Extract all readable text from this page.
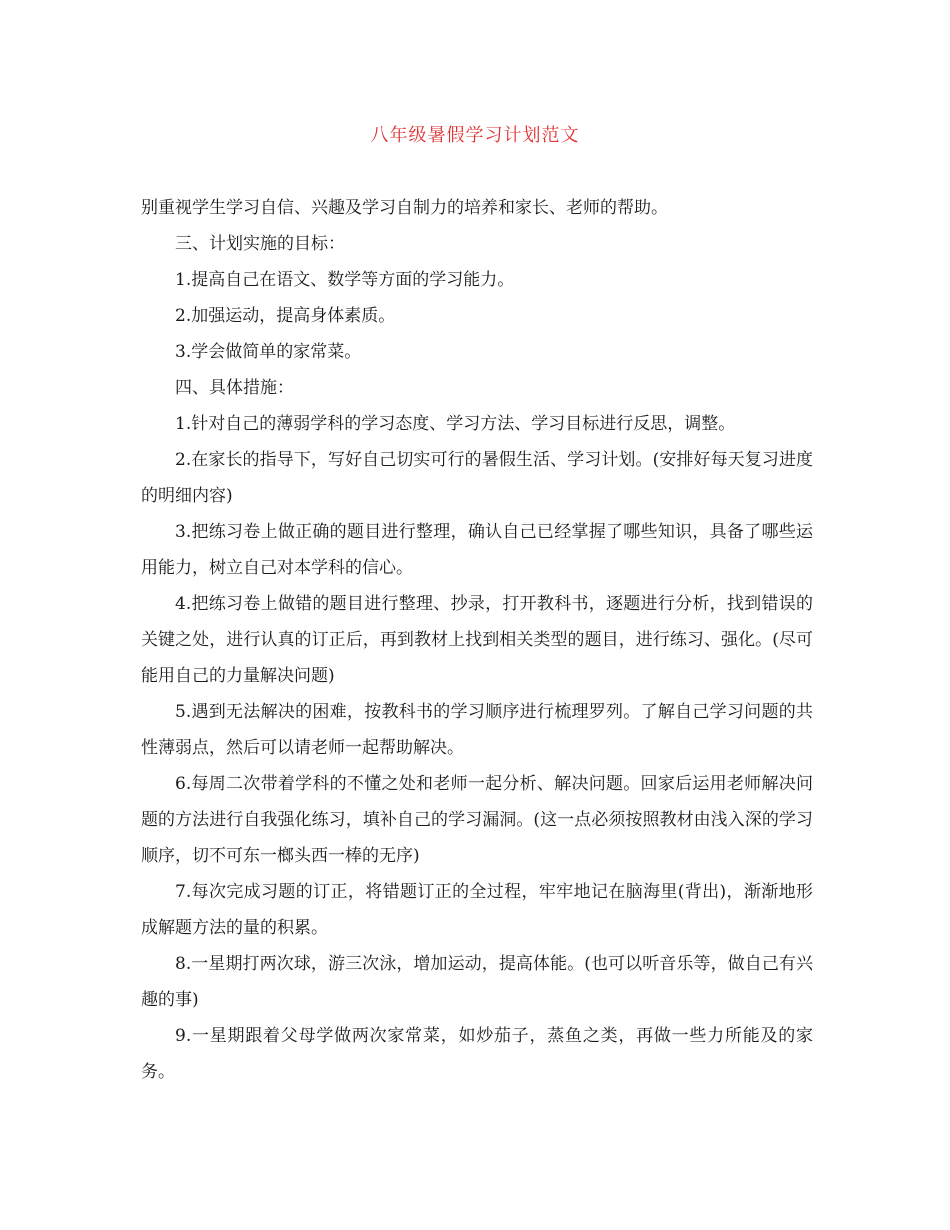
八年级暑假学习计划范文

别重视学生学习自信、兴趣及学习自制力的培养和家长、老师的帮助。

三、计划实施的目标：

1.提高自己在语文、数学等方面的学习能力。

2.加强运动，提高身体素质。

3.学会做简单的家常菜。

四、具体措施：

1.针对自己的薄弱学科的学习态度、学习方法、学习目标进行反思，调整。

2.在家长的指导下，写好自己切实可行的暑假生活、学习计划。(安排好每天复习进度的明细内容)

3.把练习卷上做正确的题目进行整理，确认自己已经掌握了哪些知识，具备了哪些运用能力，树立自己对本学科的信心。

4.把练习卷上做错的题目进行整理、抄录，打开教科书，逐题进行分析，找到错误的关键之处，进行认真的订正后，再到教材上找到相关类型的题目，进行练习、强化。(尽可能用自己的力量解决问题)

5.遇到无法解决的困难，按教科书的学习顺序进行梳理罗列。了解自己学习问题的共性薄弱点，然后可以请老师一起帮助解决。

6.每周二次带着学科的不懂之处和老师一起分析、解决问题。回家后运用老师解决问题的方法进行自我强化练习，填补自己的学习漏洞。(这一点必须按照教材由浅入深的学习顺序，切不可东一榔头西一棒的无序)

7.每次完成习题的订正，将错题订正的全过程，牢牢地记在脑海里(背出)，渐渐地形成解题方法的量的积累。

8.一星期打两次球，游三次泳，增加运动，提高体能。(也可以听音乐等，做自己有兴趣的事)

9.一星期跟着父母学做两次家常菜，如炒茄子，蒸鱼之类，再做一些力所能及的家务。
